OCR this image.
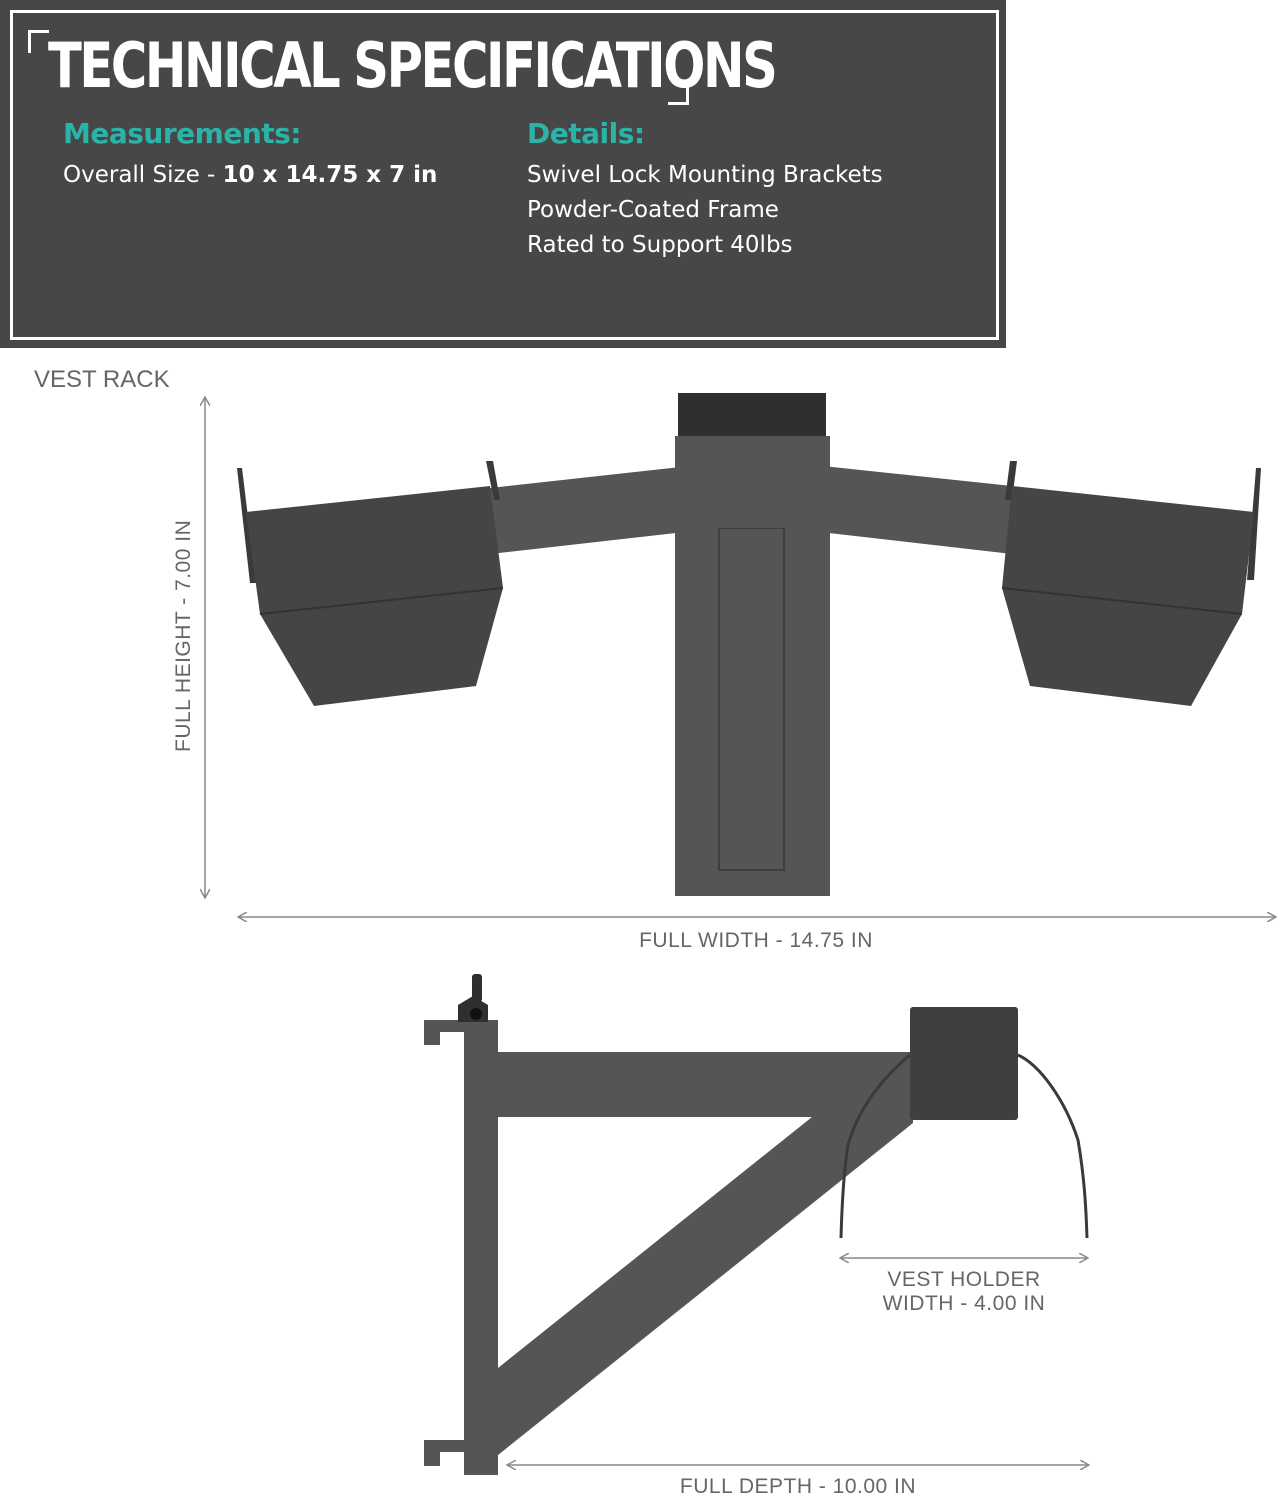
TECHNICAL SPECIFICATIONS
Measurements:
Overall Size - 10 x 14.75 x 7 in
Details:
Swivel Lock Mounting Brackets
Powder-Coated Frame
Rated to Support 40lbs
VEST RACK
FULL HEIGHT - 7.00 IN
FULL WIDTH - 14.75 IN
VEST HOLDER
WIDTH - 4.00 IN
FULL DEPTH - 10.00 IN
